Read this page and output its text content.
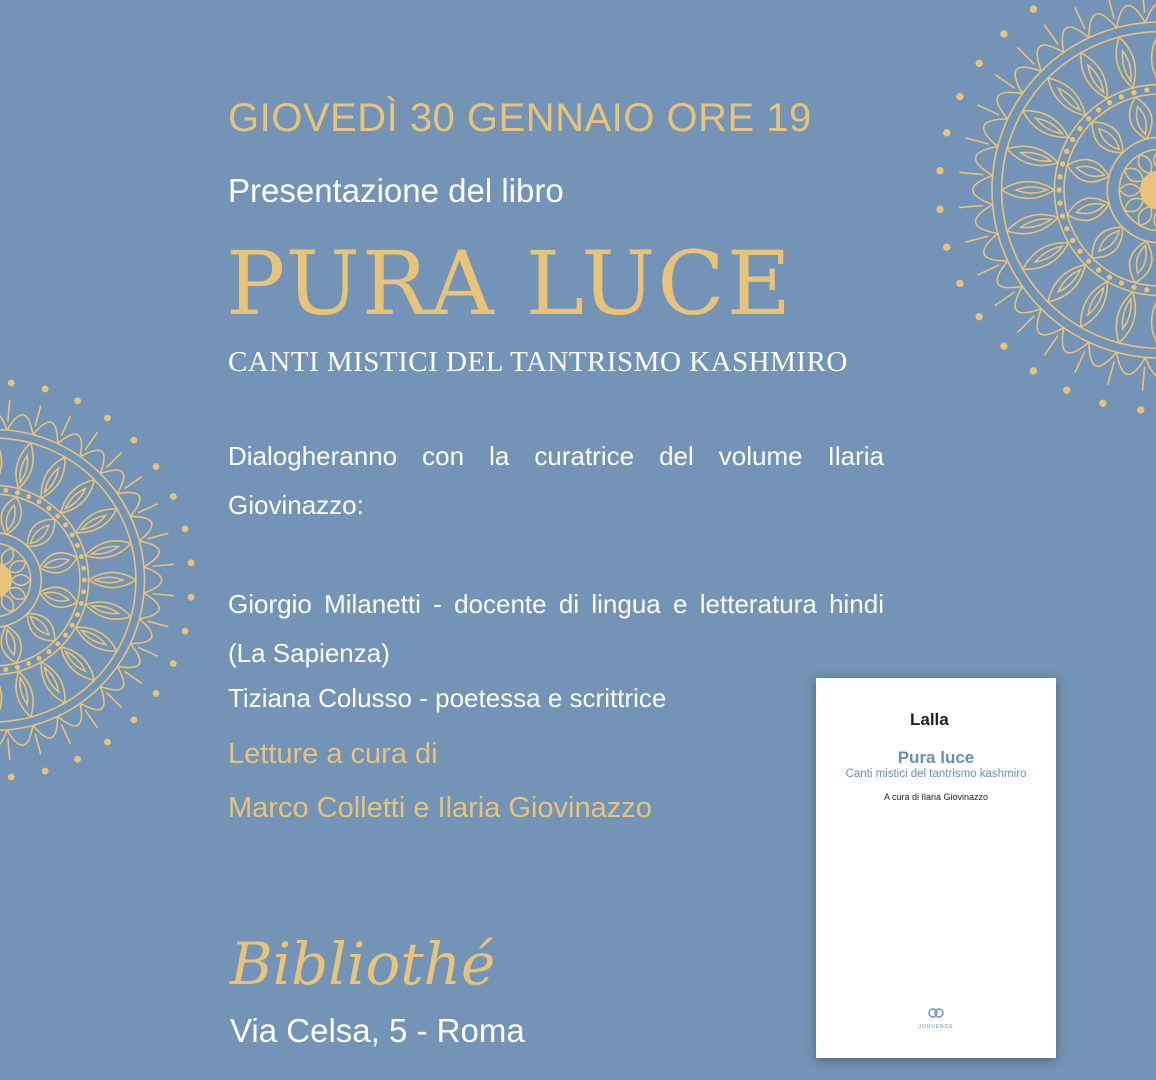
GIOVEDÌ 30 GENNAIO ORE 19
Presentazione del libro
PURA LUCE
CANTI MISTICI DEL TANTRISMO KASHMIRO
Dialogheranno con la curatrice del volume Ilaria Giovinazzo:
Giorgio Milanetti - docente di lingua e letteratura hindi (La Sapienza)
Tiziana Colusso - poetessa e scrittrice
Letture a cura di
Marco Colletti e Ilaria Giovinazzo
Bibliothé
Via Celsa, 5 - Roma
Lalla
Pura luce
Canti mistici del tantrismo kashmiro
A cura di Ilaria Giovinazzo
JOUVENCE
